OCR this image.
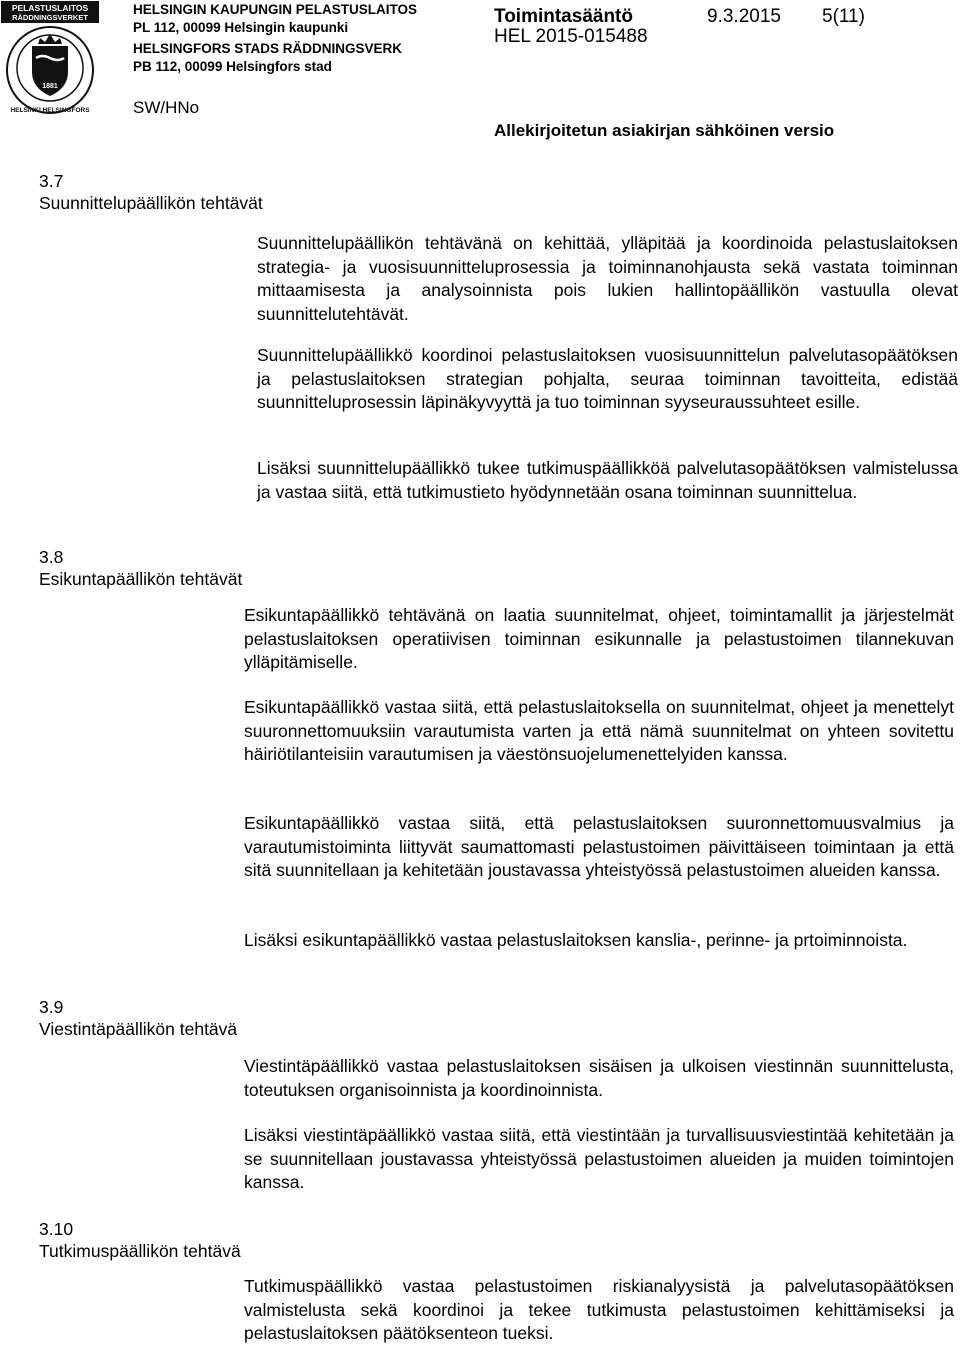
PELASTUSLAITOS
RÄDDNINGSVERKET
1881
HELSINKI HELSINGFORS
HELSINGIN KAUPUNGIN PELASTUSLAITOS
PL 112, 00099 Helsingin kaupunki
HELSINGFORS STADS RÄDDNINGSVERK
PB 112, 00099 Helsingfors stad
Toimintasääntö
HEL 2015-015488
9.3.2015 5(11)
SW/HNo
Allekirjoitetun asiakirjan sähköinen versio
3.7
Suunnittelupäällikön tehtävät

Suunnittelupäällikön tehtävänä on kehittää, ylläpitää ja koordinoida pelastuslaitoksen strategia- ja vuosisuunnitteluprosessia ja toiminnanohjausta sekä vastata toiminnan mittaamisesta ja analysoinnista pois lukien hallintopäällikön vastuulla olevat suunnittelutehtävät.

Suunnittelupäällikkö koordinoi pelastuslaitoksen vuosisuunnittelun palvelutasopäätöksen ja pelastuslaitoksen strategian pohjalta, seuraa toiminnan tavoitteita, edistää suunnitteluprosessin läpinäkyvyyttä ja tuo toiminnan syyseuraussuhteet esille.

Lisäksi suunnittelupäällikkö tukee tutkimuspäällikköä palvelutasopäätöksen valmistelussa ja vastaa siitä, että tutkimustieto hyödynnetään osana toiminnan suunnittelua.

3.8
Esikuntapäällikön tehtävät

Esikuntapäällikkö tehtävänä on laatia suunnitelmat, ohjeet, toimintamallit ja järjestelmät pelastuslaitoksen operatiivisen toiminnan esikunnalle ja pelastustoimen tilannekuvan ylläpitämiselle.

Esikuntapäällikkö vastaa siitä, että pelastuslaitoksella on suunnitelmat, ohjeet ja menettelyt suuronnettomuuksiin varautumista varten ja että nämä suunnitelmat on yhteen sovitettu häiriötilanteisiin varautumisen ja väestönsuojelumenettelyiden kanssa.

Esikuntapäällikkö vastaa siitä, että pelastuslaitoksen suuronnettomuusvalmius ja varautumistoiminta liittyvät saumattomasti pelastustoimen päivittäiseen toimintaan ja että sitä suunnitellaan ja kehitetään joustavassa yhteistyössä pelastustoimen alueiden kanssa.

Lisäksi esikuntapäällikkö vastaa pelastuslaitoksen kanslia-, perinne- ja prtoiminnoista.

3.9
Viestintäpäällikön tehtävä

Viestintäpäällikkö vastaa pelastuslaitoksen sisäisen ja ulkoisen viestinnän suunnittelusta, toteutuksen organisoinnista ja koordinoinnista.

Lisäksi viestintäpäällikkö vastaa siitä, että viestintään ja turvallisuusviestintää kehitetään ja se suunnitellaan joustavassa yhteistyössä pelastustoimen alueiden ja muiden toimintojen kanssa.

3.10
Tutkimuspäällikön tehtävä

Tutkimuspäällikkö vastaa pelastustoimen riskianalyysistä ja palvelutasopäätöksen valmistelusta sekä koordinoi ja tekee tutkimusta pelastustoimen kehittämiseksi ja pelastuslaitoksen päätöksenteon tueksi.
